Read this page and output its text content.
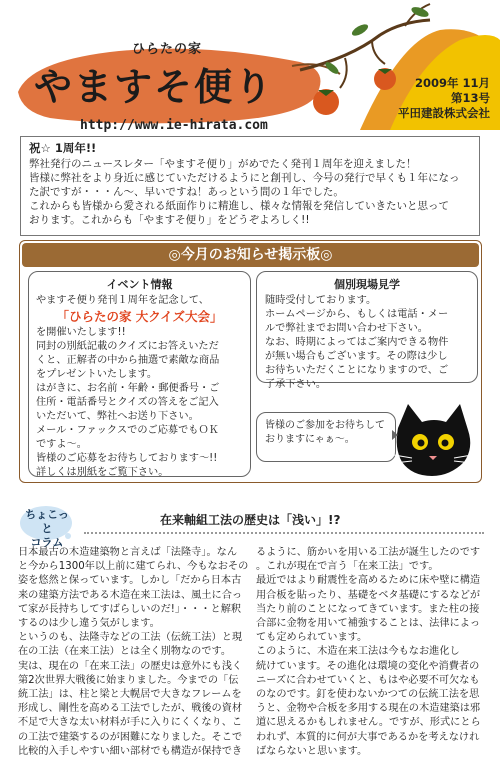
ひらたの家
やますそ便り
http://www.ie-hirata.com
2009年 11月
第13号
平田建設株式会社
祝☆ 1周年!!
弊社発行のニュースレター「やますそ便り」がめでたく発刊１周年を迎えました！
皆様に弊社をより身近に感じていただけるようにと創刊し、今号の発行で早くも１年になっ
た訳ですが・・・ん〜、早いですね！あっという間の１年でした。
これからも皆様から愛される紙面作りに精進し、様々な情報を発信していきたいと思って
おります。これからも「やますそ便り」をどうぞよろしく!!
◎今月のお知らせ掲示板◎
イベント情報
やますそ便り発刊１周年を記念して、
「ひらたの家 大クイズ大会」
を開催いたします!!
同封の別紙記載のクイズにお答えいただ
くと、正解者の中から抽選で素敵な商品
をプレゼントいたします。
はがきに、お名前・年齢・郵便番号・ご
住所・電話番号とクイズの答えをご記入
いただいて、弊社へお送り下さい。
メール・ファックスでのご応募でもＯＫ
ですよ〜。
皆様のご応募をお待ちしております〜!!
詳しくは別紙をご覧下さい。
個別現場見学
随時受付しております。
ホームページから、もしくは電話・メー
ルで弊社までお問い合わせ下さい。
なお、時期によってはご案内できる物件
が無い場合もございます。その際は少し
お待ちいただくことになりますので、ご
了承下さい。
皆様のご参加をお待ちして
おりますにゃぁ〜。
ちょこっと
コラム
在来軸組工法の歴史は「浅い」!?
日本最古の木造建築物と言えば「法隆寺」。なん
と今から1300年以上前に建てられ、今もなおその
姿を悠然と保っています。しかし「だから日本古
来の建築方法である木造在来工法は、風土に合っ
て家が長持ちしてすばらしいのだ!」・・・と解釈
するのは少し違う気がします。
というのも、法隆寺などの工法（伝統工法）と現
在の工法（在来工法）とは全く別物なのです。
実は、現在の「在来工法」の歴史は意外にも浅く
第2次世界大戦後に始まりました。今までの「伝
統工法」は、柱と梁と大幌居で大きなフレームを
形成し、剛性を高める工法でしたが、戦後の資材
不足で大きな太い材料が手に入りにくくなり、こ
の工法で建築するのが困難になりました。そこで
比較的入手しやすい細い部材でも構造が保持でき
るように、筋かいを用いる工法が誕生したのです
。これが現在で言う「在来工法」です。
最近ではより耐震性を高めるために床や壁に構造
用合板を貼ったり、基礎をベタ基礎にするなどが
当たり前のことになってきています。また柱の接
合部に金物を用いて補強することは、法律によっ
ても定められています。
このように、木造在来工法は今もなお進化し
続けています。その進化は環境の変化や消費者の
ニーズに合わせていくと、もはや必要不可欠なも
のなのです。釘を使わないかつての伝統工法を思
うと、金物や合板を多用する現在の木造建築は邪
道に思えるかもしれません。ですが、形式にとら
われず、本質的に何が大事であるかを考えなけれ
ばならないと思います。
